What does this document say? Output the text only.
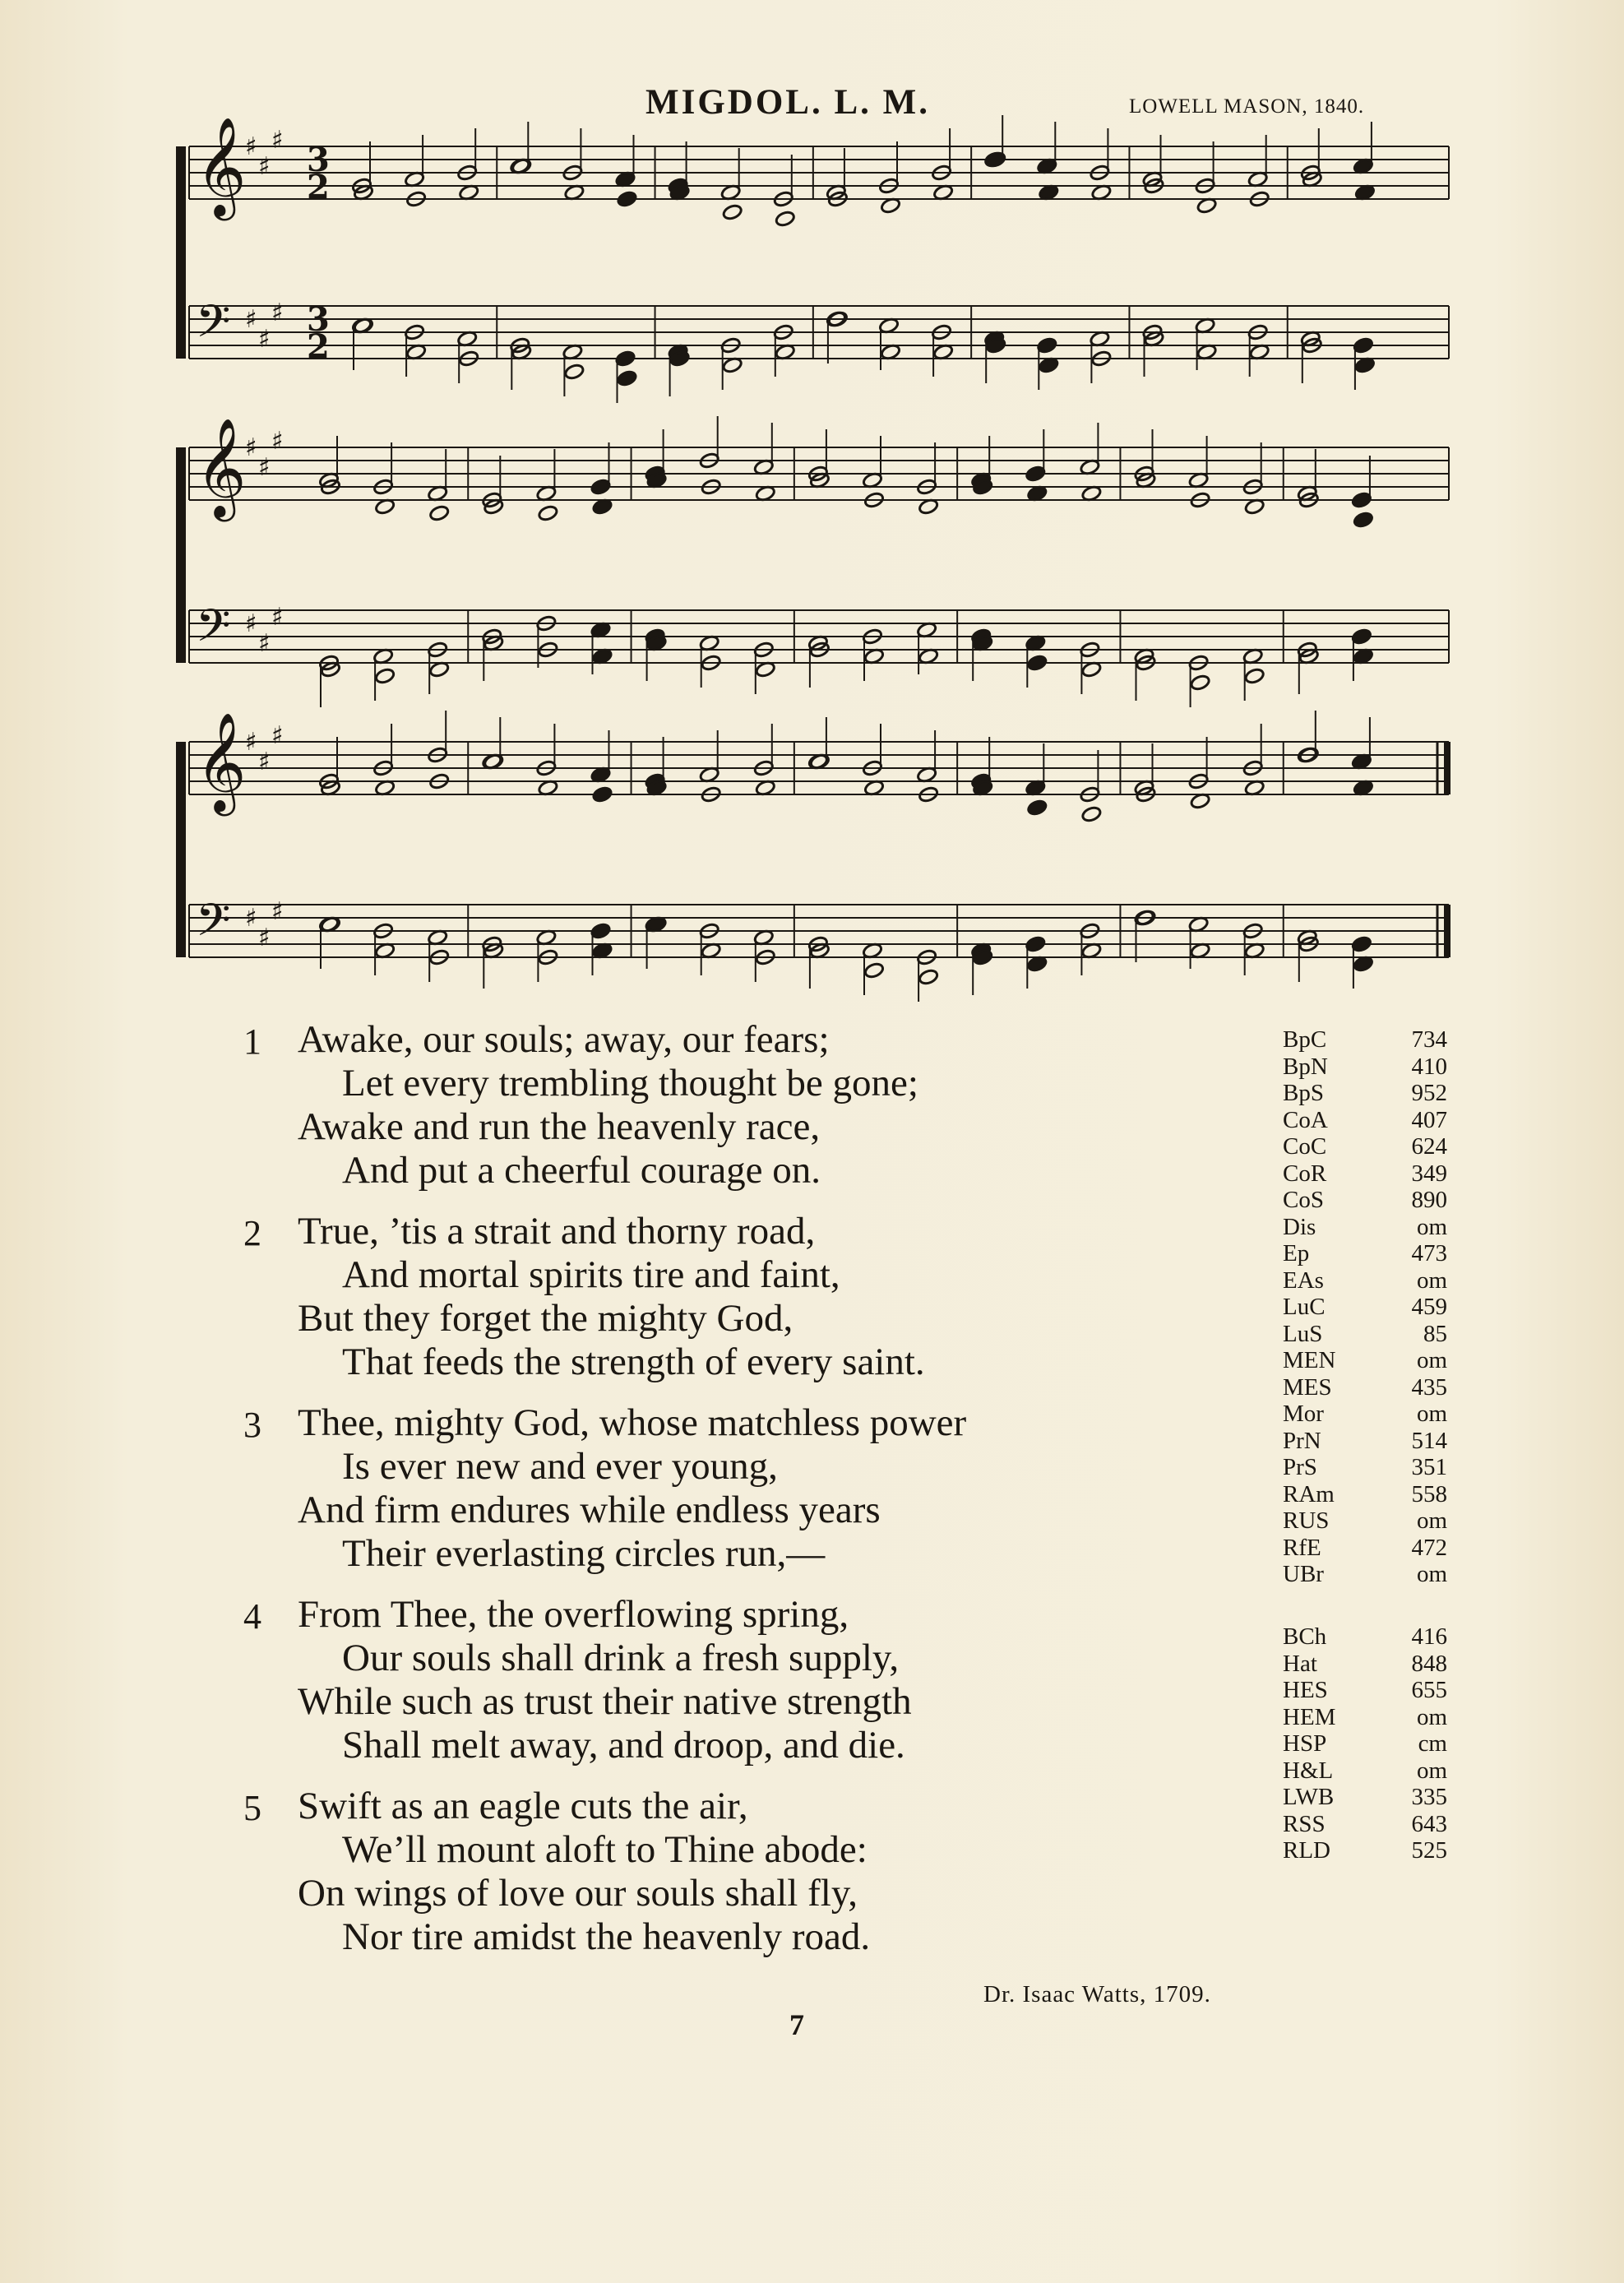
MIGDOL. L. M.	LOWELL MASON, 1840.
𝄞
♯
♯
♯
3
2
𝄢 ♯
♯
♯ 3
2
𝄞
♯
♯
♯
𝄢 ♯
♯
♯
𝄞
♯
♯
♯
𝄢 ♯
♯
♯
1 Awake, our souls; away, our fears;
Let every trembling thought be gone;
Awake and run the heavenly race,
And put a cheerful courage on.
2 True, ’tis a strait and thorny road,
And mortal spirits tire and faint,
But they forget the mighty God,
That feeds the strength of every saint.
3 Thee, mighty God, whose matchless power
Is ever new and ever young,
And firm endures while endless years
Their everlasting circles run,—
4 From Thee, the overflowing spring,
Our souls shall drink a fresh supply,
While such as trust their native strength
Shall melt away, and droop, and die.
5 Swift as an eagle cuts the air,
We’ll mount aloft to Thine abode:
On wings of love our souls shall fly,
Nor tire amidst the heavenly road.
BpC	734
BpN	410
BpS	952
CoA	407
CoC	624
CoR	349
CoS	890
Dis	om
Ep	473
EAs	om
LuC	459
LuS	85
MEN	om
MES	435
Mor	om
PrN	514
PrS	351
RAm	558
RUS	om
RfE	472
UBr	om
BCh	416
Hat	848
HES	655
HEM	om
HSP	cm
H&L	om
LWB	335
RSS	643
RLD	525
Dr. Isaac Watts, 1709.
7
